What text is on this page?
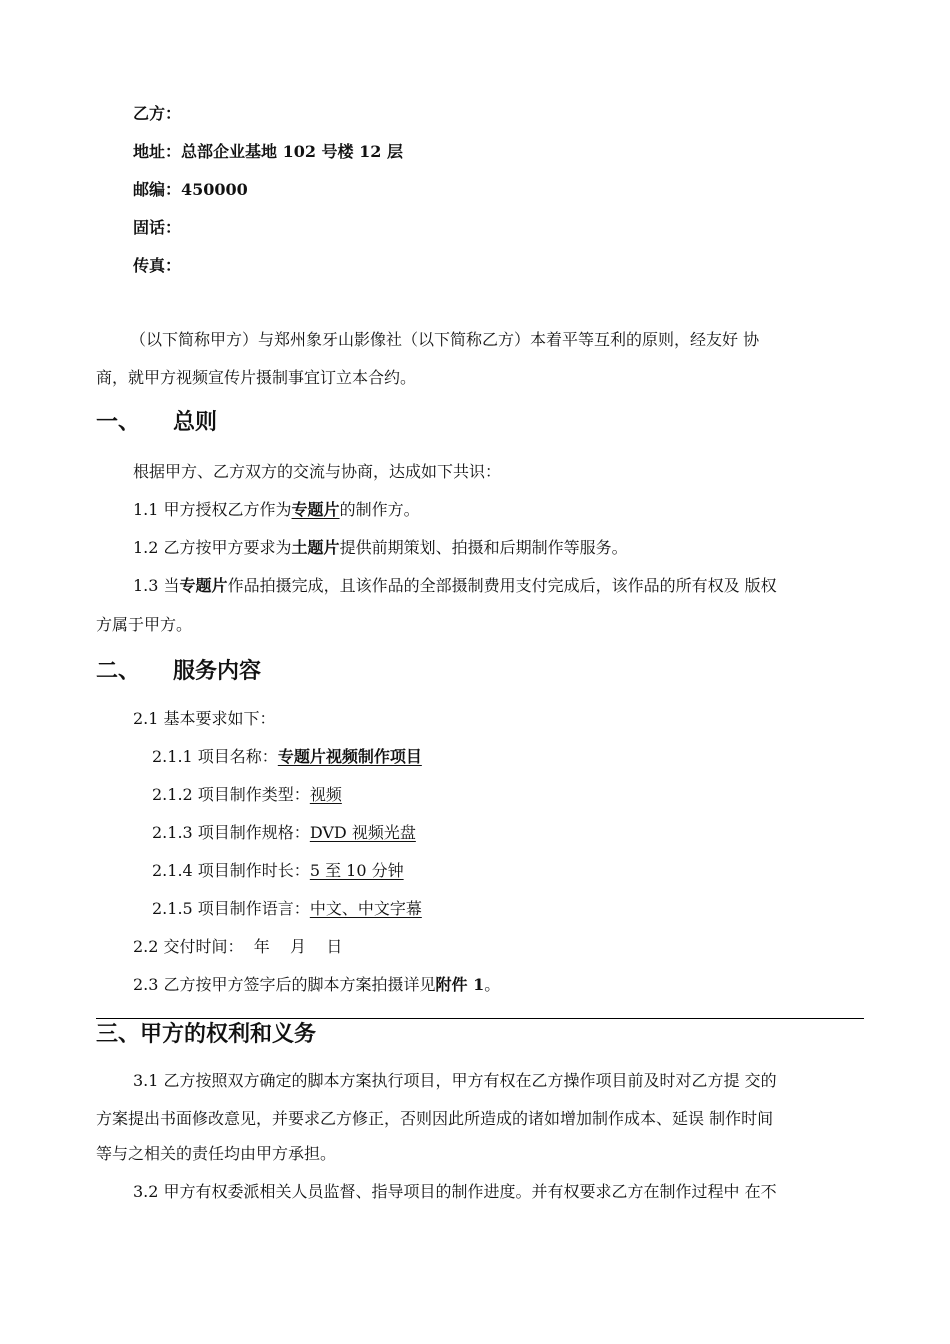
乙方：
地址：总部企业基地 102 号楼 12 层
邮编：450000
固话：
传真：
（以下简称甲方）与郑州象牙山影像社（以下简称乙方）本着平等互利的原则，经友好 协
商，就甲方视频宣传片摄制事宜订立本合约。
一、 总则
根据甲方、乙方双方的交流与协商，达成如下共识：
1.1 甲方授权乙方作为专题片的制作方。
1.2 乙方按甲方要求为土题片提供前期策划、拍摄和后期制作等服务。
1.3 当专题片作品拍摄完成，且该作品的全部摄制费用支付完成后，该作品的所有权及 版权
方属于甲方。
二、 服务内容
2.1 基本要求如下：
2.1.1 项目名称：专题片视频制作项目
2.1.2 项目制作类型：视频
2.1.3 项目制作规格：DVD 视频光盘
2.1.4 项目制作时长：5 至 10 分钟
2.1.5 项目制作语言：中文、中文字幕
2.2 交付时间：  年    月    日
2.3 乙方按甲方签字后的脚本方案拍摄详见附件 1。
三、甲方的权利和义务
3.1 乙方按照双方确定的脚本方案执行项目，甲方有权在乙方操作项目前及时对乙方提 交的
方案提出书面修改意见，并要求乙方修正，否则因此所造成的诸如增加制作成本、延误 制作时间
等与之相关的责任均由甲方承担。
3.2 甲方有权委派相关人员监督、指导项目的制作进度。并有权要求乙方在制作过程中 在不
